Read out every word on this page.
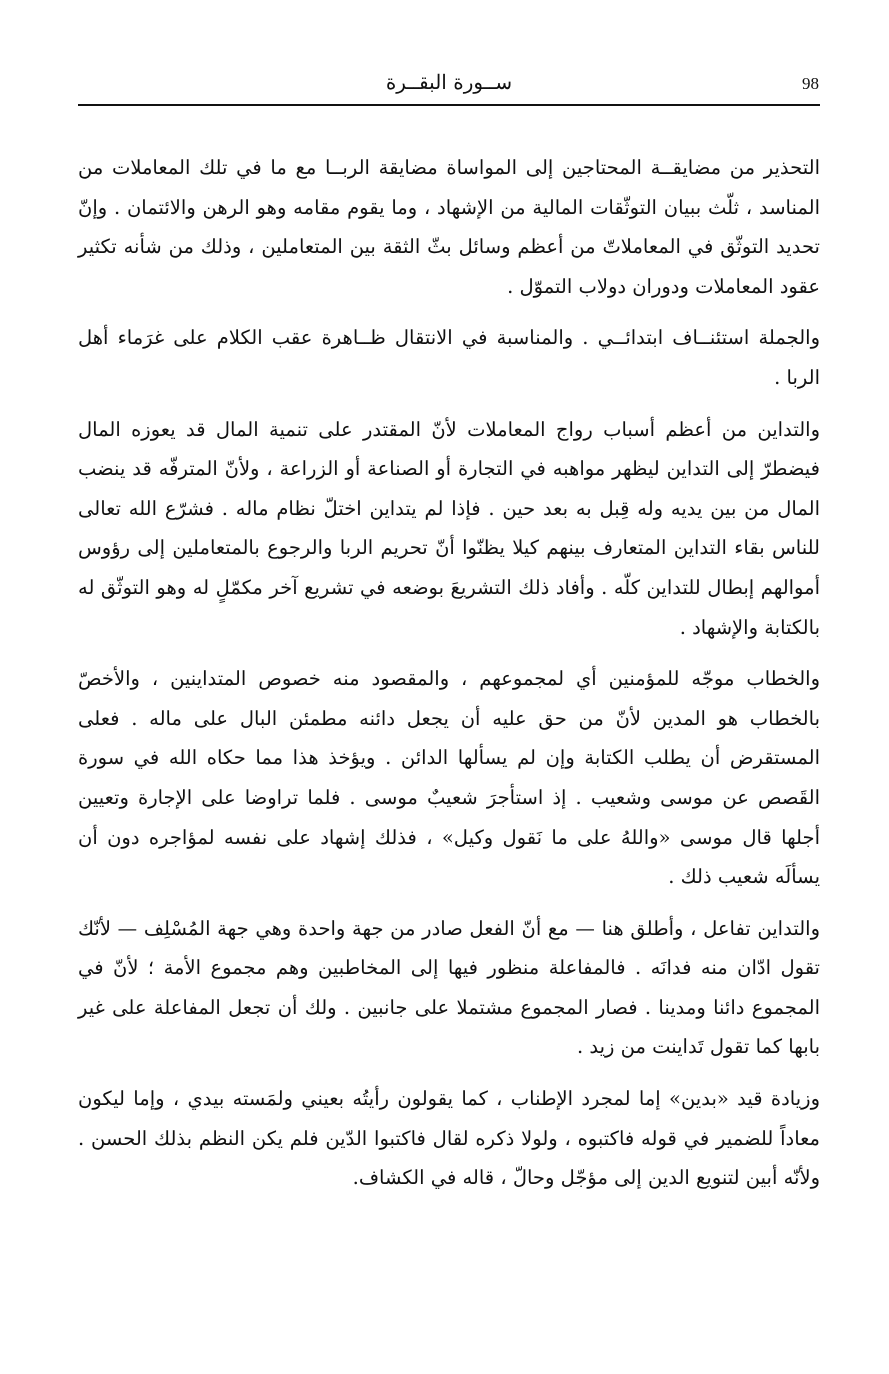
ســورة البقــرة	98

التحذير من مضايقــة المحتاجين إلى المواساة مضايقة الربــا مع ما في تلك المعاملات من المناسد ، ثلّث ببيان التوثّقات المالية من الإشهاد ، وما يقوم مقامه وهو الرهن والائتمان . وإنّ تحديد التوثّق في المعاملاتّ من أعظم وسائل بثّ الثقة بين المتعاملين ، وذلك من شأنه تكثير عقود المعاملات ودوران دولاب التموّل .

والجملة استئنــاف ابتدائــي . والمناسبة في الانتقال ظــاهرة عقب الكلام على غرَماء أهل الربا .

والتداين من أعظم أسباب رواج المعاملات لأنّ المقتدر على تنمية المال قد يعوزه المال فيضطرّ إلى التداين ليظهر مواهبه في التجارة أو الصناعة أو الزراعة ، ولأنّ المترفّه قد ينضب المال من بين يديه وله قِبل به بعد حين . فإذا لم يتداين اختلّ نظام ماله . فشرّع الله تعالى للناس بقاء التداين المتعارف بينهم كيلا يظنّوا أنّ تحريم الربا والرجوع بالمتعاملين إلى رؤوس أموالهم إبطال للتداين كلّه . وأفاد ذلك التشريعَ بوضعه في تشريع آخر مكمّلٍ له وهو التوثّق له بالكتابة والإشهاد .

والخطاب موجّه للمؤمنين أي لمجموعهم ، والمقصود منه خصوص المتداينين ، والأخصّ بالخطاب هو المدين لأنّ من حق عليه أن يجعل دائنه مطمئن البال على ماله . فعلى المستقرض أن يطلب الكتابة وإن لم يسألها الدائن . ويؤخذ هذا مما حكاه الله في سورة القَصص عن موسى وشعيب . إذ استأجرَ شعيبٌ موسى . فلما تراوضا على الإجارة وتعيين أجلها قال موسى «واللهُ على ما نَقول وكيل» ، فذلك إشهاد على نفسه لمؤاجره دون أن يسألَه شعيب ذلك .

والتداين تفاعل ، وأطلق هنا — مع أنّ الفعل صادر من جهة واحدة وهي جهة المُسْلِف — لأنّك تقول ادّان منه فدانَه . فالمفاعلة منظور فيها إلى المخاطبين وهم مجموع الأمة ؛ لأنّ في المجموع دائنا ومدينا . فصار المجموع مشتملا على جانبين . ولك أن تجعل المفاعلة على غير بابها كما تقول تَداينت من زيد .

وزيادة قيد «بدين» إما لمجرد الإطناب ، كما يقولون رأيتُه بعيني ولمَسته بيدي ، وإما ليكون معاداً للضمير في قوله فاكتبوه ، ولولا ذكره لقال فاكتبوا الدّين فلم يكن النظم بذلك الحسن . ولأنّه أبين لتنويع الدين إلى مؤجّل وحالّ ، قاله في الكشاف.
